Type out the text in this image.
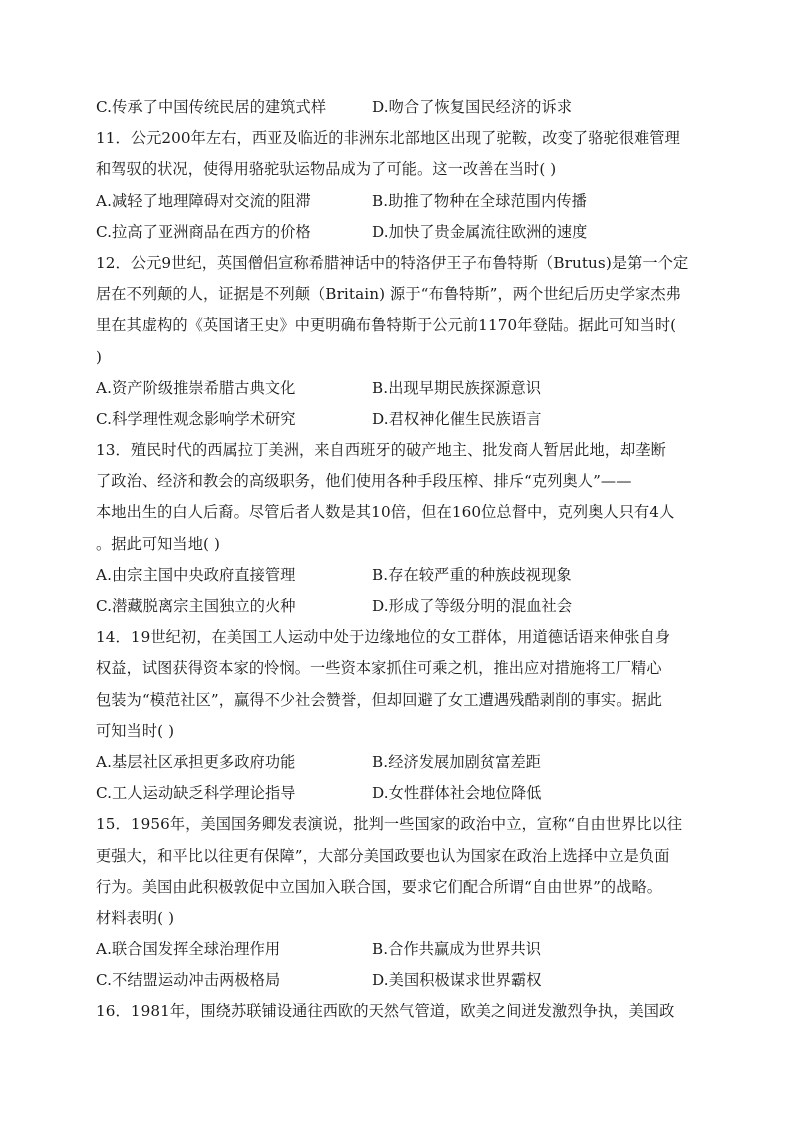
C.传承了中国传统民居的建筑式样	D.吻合了恢复国民经济的诉求
11．公元200年左右，西亚及临近的非洲东北部地区出现了驼鞍，改变了骆驼很难管理
和驾驭的状况，使得用骆驼驮运物品成为了可能。这一改善在当时( )
A.减轻了地理障碍对交流的阻滞	B.助推了物种在全球范围内传播
C.拉高了亚洲商品在西方的价格	D.加快了贵金属流往欧洲的速度
12．公元9世纪，英国僧侣宣称希腊神话中的特洛伊王子布鲁特斯（Brutus)是第一个定
居在不列颠的人，证据是不列颠（Britain) 源于“布鲁特斯”，两个世纪后历史学家杰弗
里在其虚构的《英国诸王史》中更明确布鲁特斯于公元前1170年登陆。据此可知当时(
)
A.资产阶级推崇希腊古典文化	B.出现早期民族探源意识
C.科学理性观念影响学术研究	D.君权神化催生民族语言
13．殖民时代的西属拉丁美洲，来自西班牙的破产地主、批发商人暂居此地，却垄断
了政治、经济和教会的高级职务，他们使用各种手段压榨、排斥“克列奥人”——
本地出生的白人后裔。尽管后者人数是其10倍，但在160位总督中，克列奥人只有4人
。据此可知当地( )
A.由宗主国中央政府直接管理	B.存在较严重的种族歧视现象
C.潜藏脱离宗主国独立的火种	D.形成了等级分明的混血社会
14．19世纪初，在美国工人运动中处于边缘地位的女工群体，用道德话语来伸张自身
权益，试图获得资本家的怜悯。一些资本家抓住可乘之机，推出应对措施将工厂精心
包装为“模范社区”，赢得不少社会赞誉，但却回避了女工遭遇残酷剥削的事实。据此
可知当时( )
A.基层社区承担更多政府功能	B.经济发展加剧贫富差距
C.工人运动缺乏科学理论指导	D.女性群体社会地位降低
15．1956年，美国国务卿发表演说，批判一些国家的政治中立，宣称“自由世界比以往
更强大，和平比以往更有保障”，大部分美国政要也认为国家在政治上选择中立是负面
行为。美国由此积极敦促中立国加入联合国，要求它们配合所谓“自由世界”的战略。
材料表明( )
A.联合国发挥全球治理作用	B.合作共赢成为世界共识
C.不结盟运动冲击两极格局	D.美国积极谋求世界霸权
16．1981年，围绕苏联铺设通往西欧的天然气管道，欧美之间迸发激烈争执，美国政
